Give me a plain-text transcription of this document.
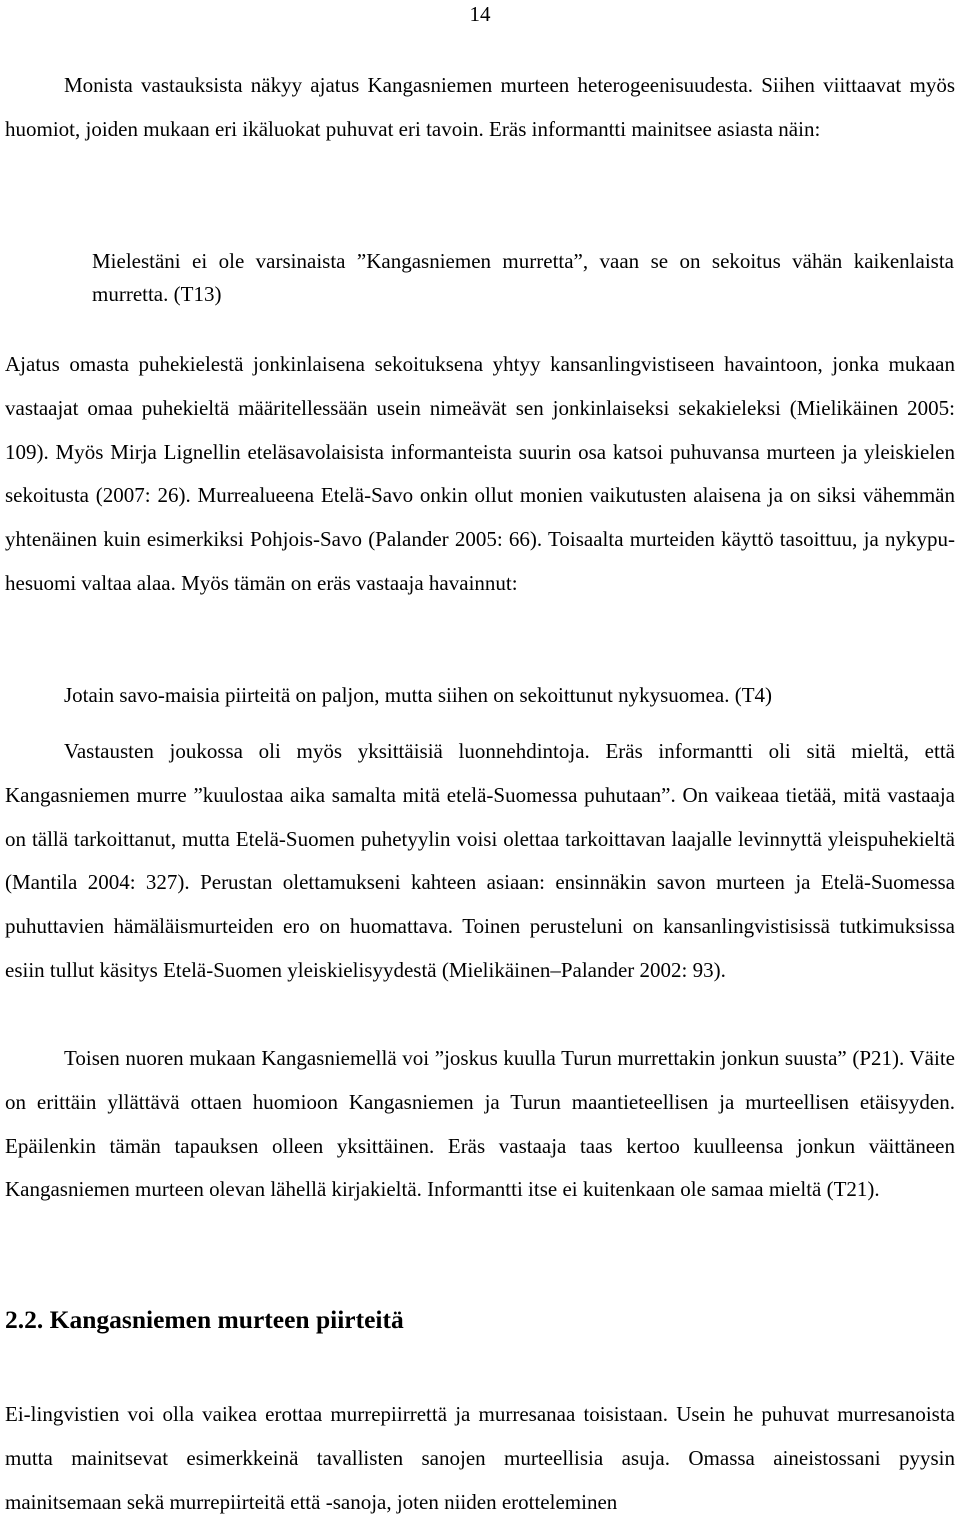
14

Monista vastauksista näkyy ajatus Kangasniemen murteen heterogeenisuudesta. Siihen viittaavat myös huomiot, joiden mukaan eri ikäluokat puhuvat eri tavoin. Eräs informantti mainitsee asiasta näin:

Mielestäni ei ole varsinaista ”Kangasniemen murretta”, vaan se on sekoitus vähän kaikenlaista murretta. (T13)

Ajatus omasta puhekielestä jonkinlaisena sekoituksena yhtyy kansanlingvistiseen havaintoon, jonka mukaan vastaajat omaa puhekieltä määritellessään usein nimeävät sen jonkinlaiseksi sekakieleksi (Mielikäinen 2005: 109). Myös Mirja Lignellin eteläsavolaisista informanteista suurin osa katsoi puhuvansa murteen ja yleiskielen sekoitusta (2007: 26). Murrealueena Etelä-Savo onkin ollut monien vaikutusten alaisena ja on siksi vähemmän yhtenäinen kuin esimerkiksi Pohjois-Savo (Palander 2005: 66). Toisaalta murteiden käyttö tasoittuu, ja nykypuhesuomi valtaa alaa. Myös tämän on eräs vastaaja havainnut:

Jotain savo-maisia piirteitä on paljon, mutta siihen on sekoittunut nykysuomea. (T4)

Vastausten joukossa oli myös yksittäisiä luonnehdintoja. Eräs informantti oli sitä mieltä, että Kangasniemen murre ”kuulostaa aika samalta mitä etelä-Suomessa puhutaan”. On vaikeaa tietää, mitä vastaaja on tällä tarkoittanut, mutta Etelä-Suomen puhetyylin voisi olettaa tarkoittavan laajalle levinnyttä yleispuhekieltä (Mantila 2004: 327). Perustan olettamukseni kahteen asiaan: ensinnäkin savon murteen ja Etelä-Suomessa puhuttavien hämäläismurteiden ero on huomattava. Toinen perusteluni on kansanlingvistisissä tutkimuksissa esiin tullut käsitys Etelä-Suomen yleiskielisyydestä (Mielikäinen–Palander 2002: 93).

Toisen nuoren mukaan Kangasniemellä voi ”joskus kuulla Turun murrettakin jonkun suusta” (P21). Väite on erittäin yllättävä ottaen huomioon Kangasniemen ja Turun maantieteellisen ja murteellisen etäisyyden. Epäilenkin tämän tapauksen olleen yksittäinen. Eräs vastaaja taas kertoo kuulleensa jonkun väittäneen Kangasniemen murteen olevan lähellä kirjakieltä. Informantti itse ei kuitenkaan ole samaa mieltä (T21).

2.2. Kangasniemen murteen piirteitä

Ei-lingvistien voi olla vaikea erottaa murrepiirrettä ja murresanaa toisistaan. Usein he puhuvat murresanoista mutta mainitsevat esimerkkeinä tavallisten sanojen murteellisia asuja. Omassa aineistossani pyysin mainitsemaan sekä murrepiirteitä että -sanoja, joten niiden erotteleminen
